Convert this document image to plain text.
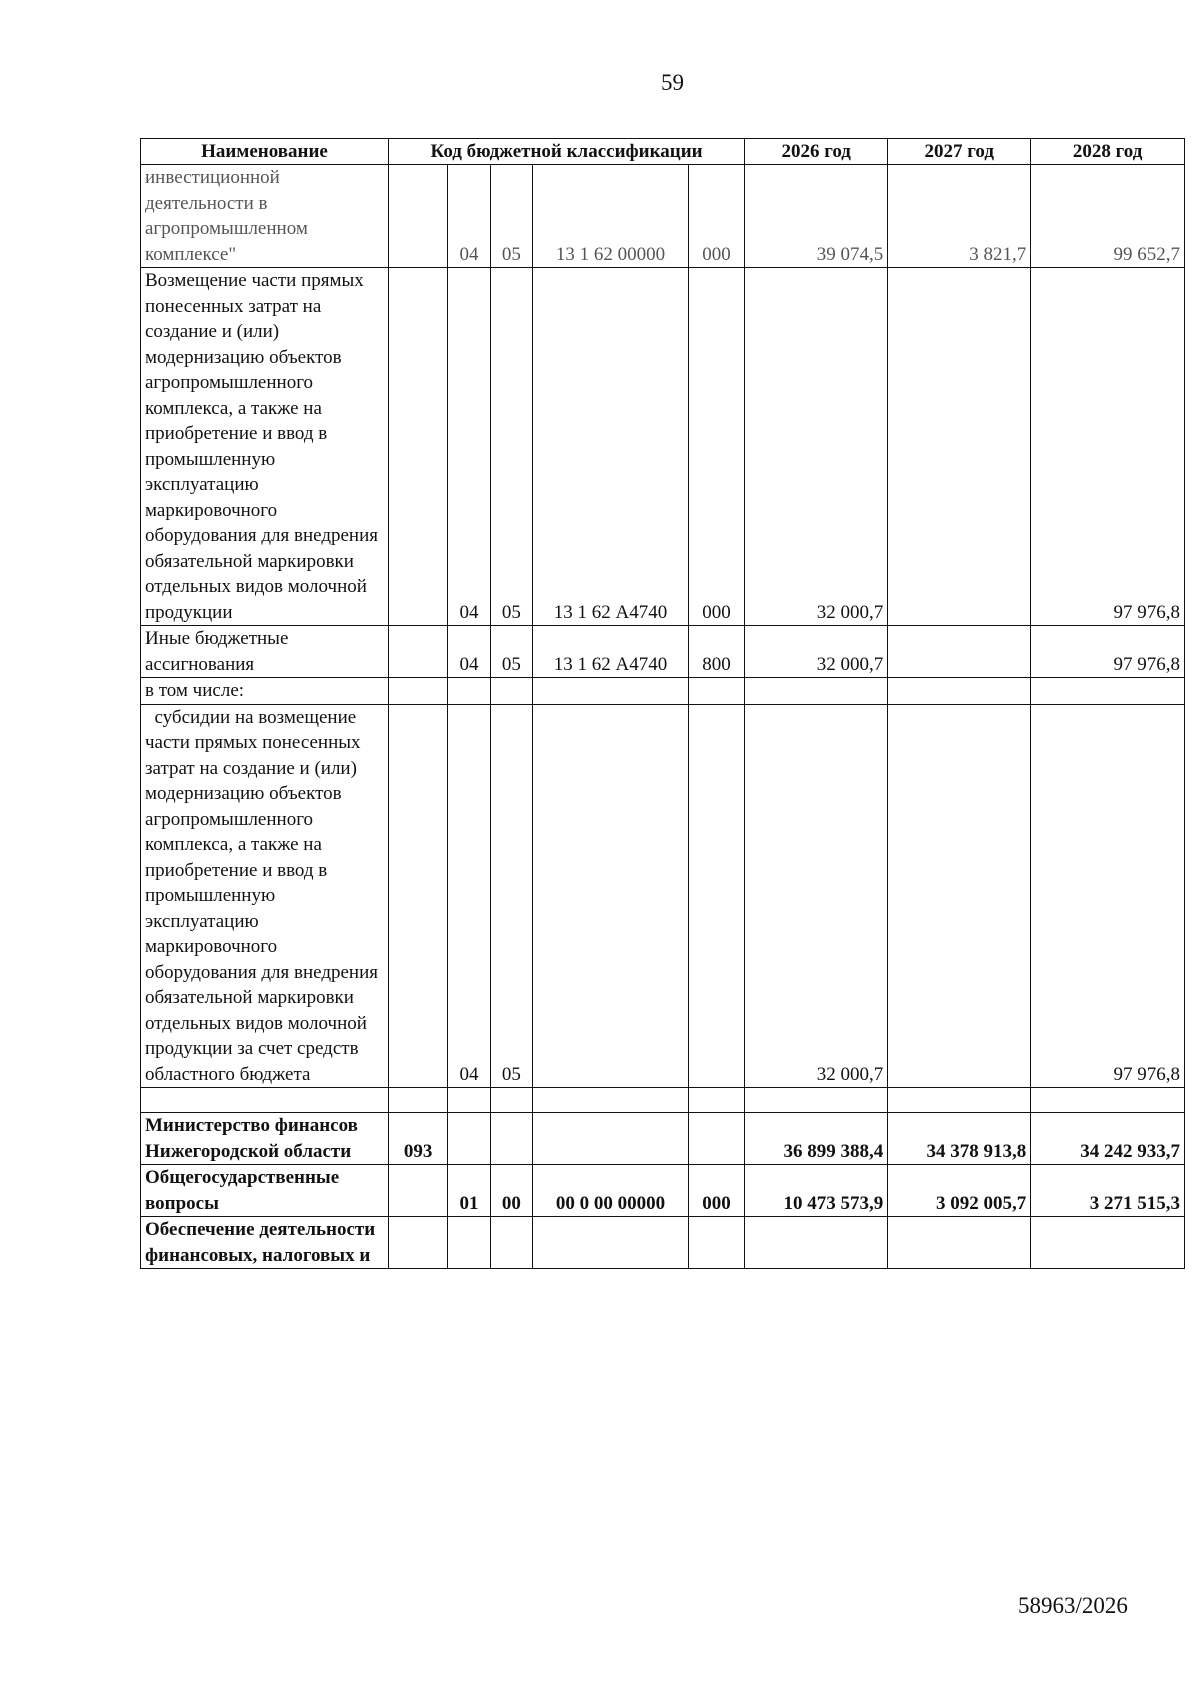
59
Наименование	Код бюджетной классификации					2026 год	2027 год	2028 год
инвестиционной деятельности в агропромышленном комплексе"		04	05	13 1 62 00000	000	39 074,5	3 821,7	99 652,7
Возмещение части прямых понесенных затрат на создание и (или) модернизацию объектов агропромышленного комплекса, а также на приобретение и ввод в промышленную эксплуатацию маркировочного оборудования для внедрения обязательной маркировки отдельных видов молочной продукции		04	05	13 1 62 А4740	000	32 000,7		97 976,8
Иные бюджетные ассигнования		04	05	13 1 62 А4740	800	32 000,7		97 976,8
в том числе:								
субсидии на возмещение части прямых понесенных затрат на создание и (или) модернизацию объектов агропромышленного комплекса, а также на приобретение и ввод в промышленную эксплуатацию маркировочного оборудования для внедрения обязательной маркировки отдельных видов молочной продукции за счет средств областного бюджета		04	05			32 000,7		97 976,8

Министерство финансов Нижегородской области	093					36 899 388,4	34 378 913,8	34 242 933,7
Общегосударственные вопросы		01	00	00 0 00 00000	000	10 473 573,9	3 092 005,7	3 271 515,3
Обеспечение деятельности финансовых, налоговых и								
58963/2026
